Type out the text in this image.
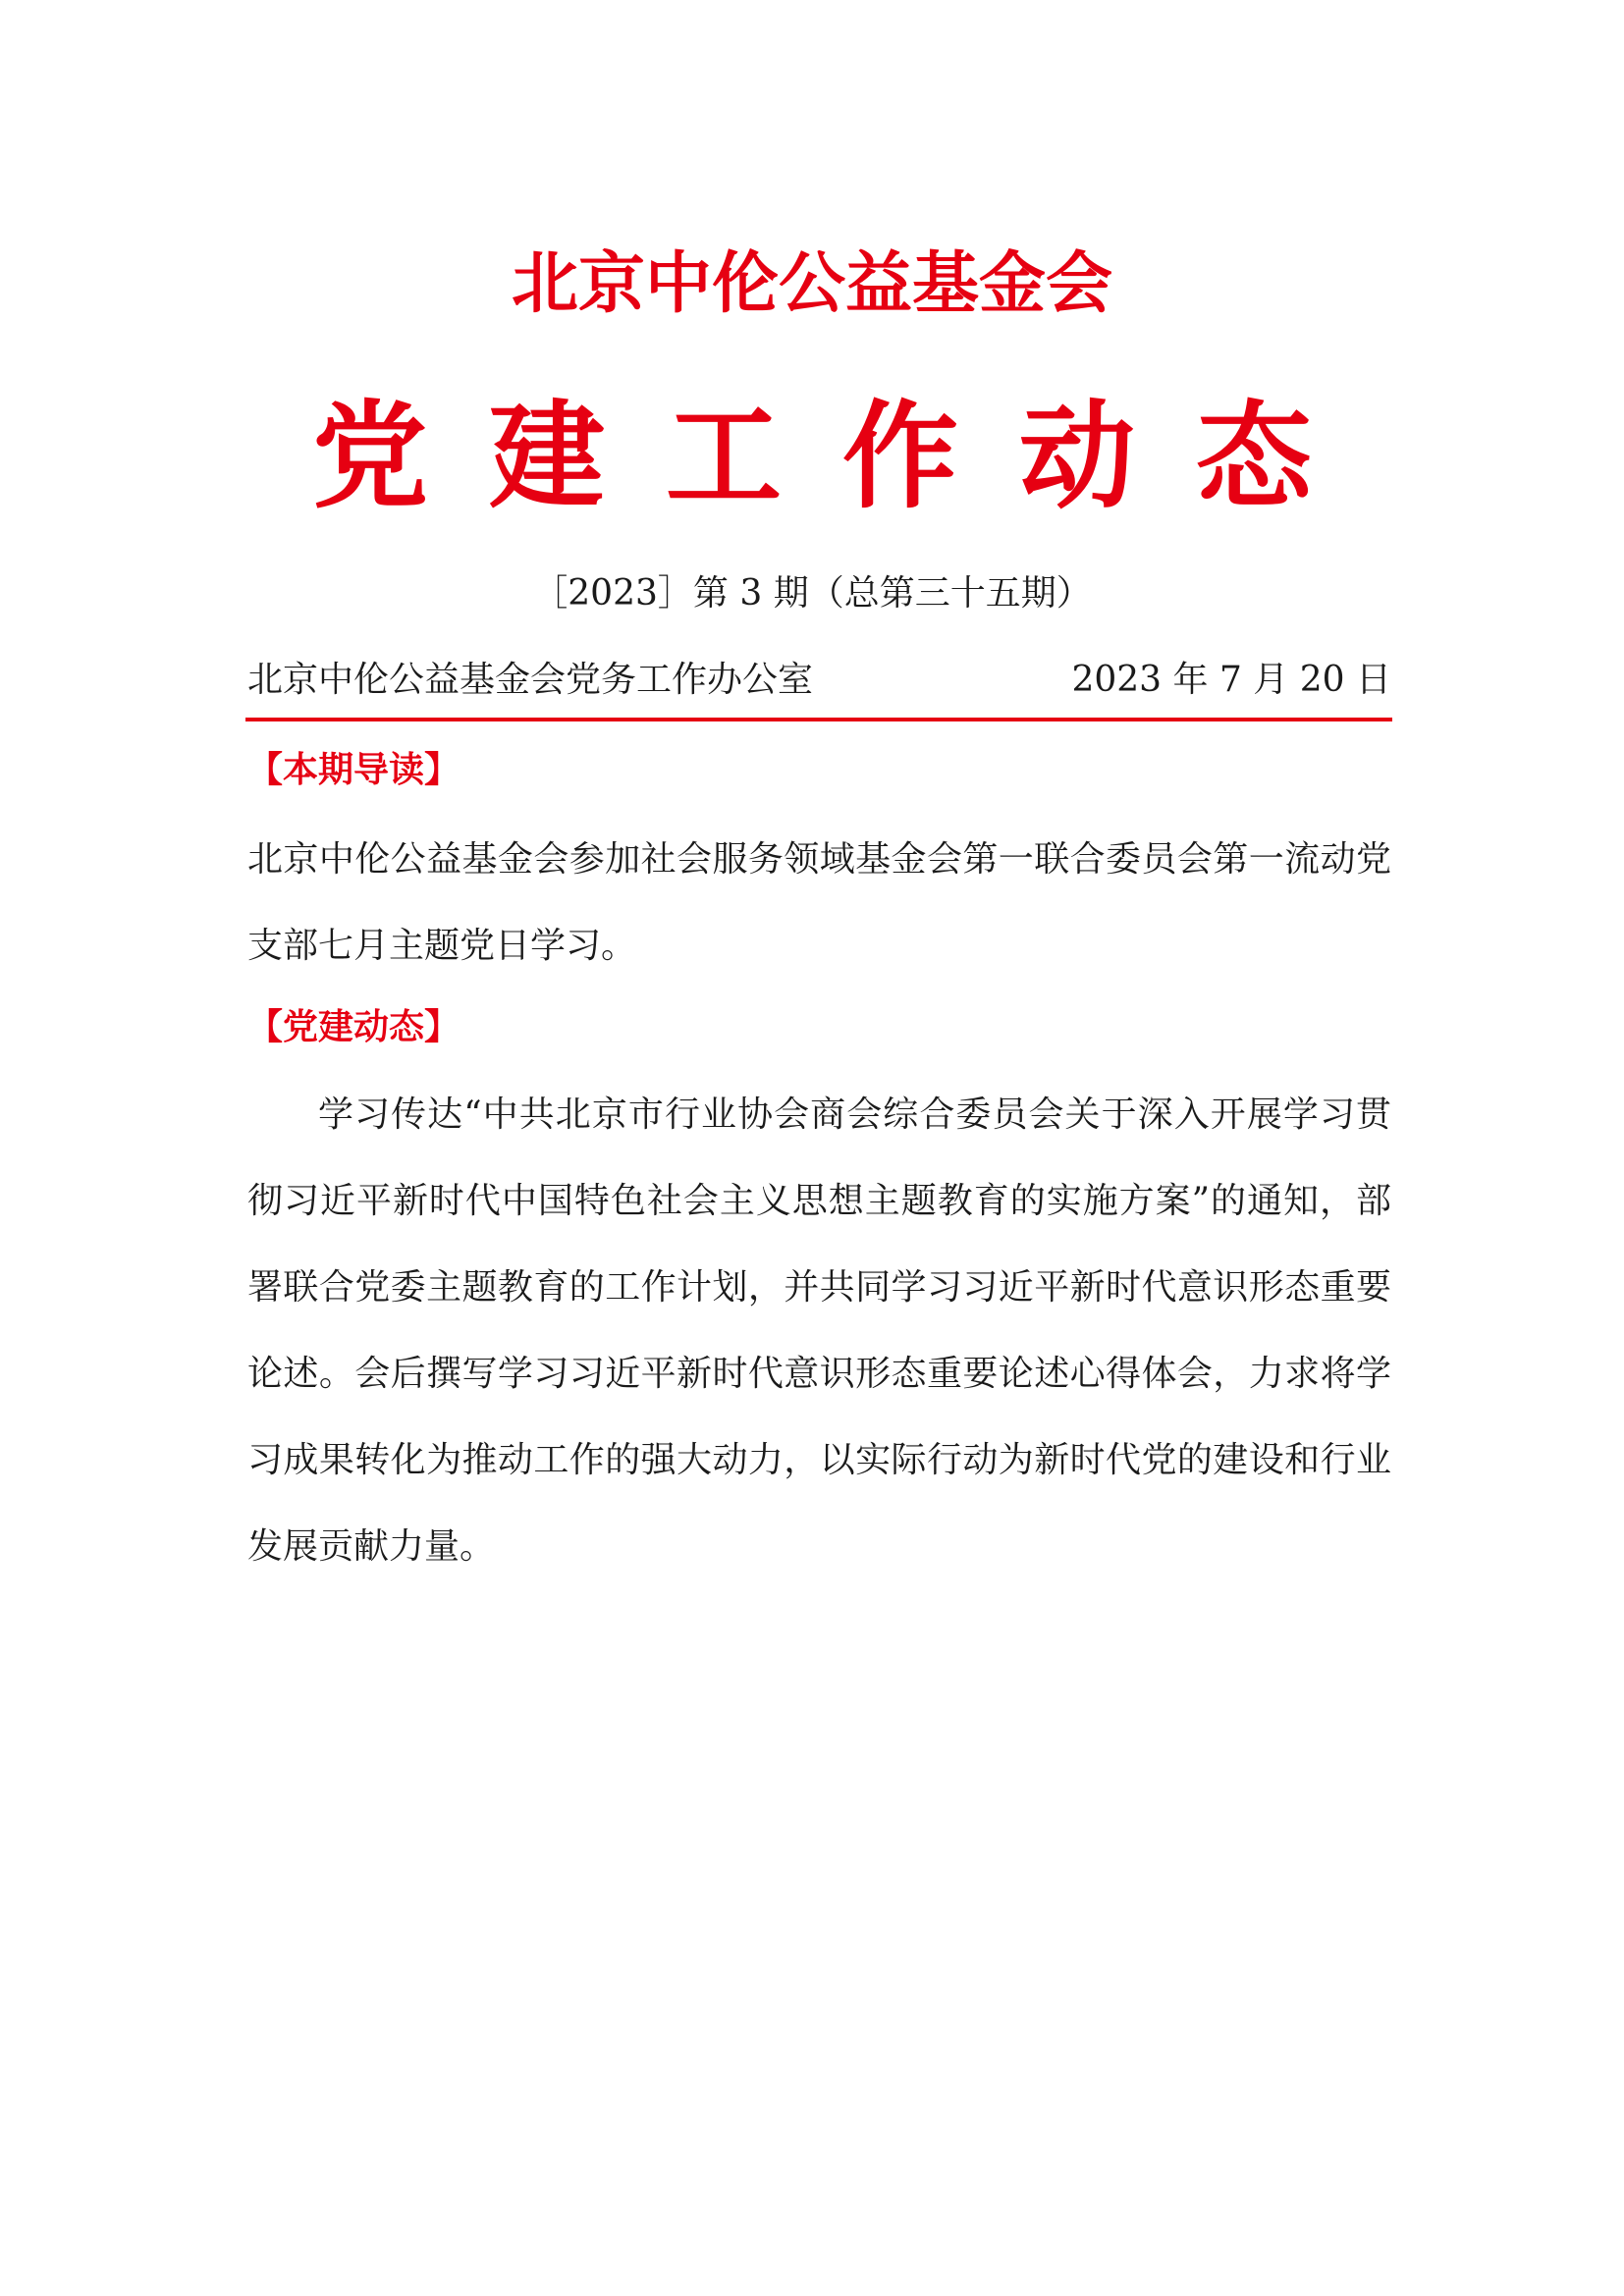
北京中伦公益基金会
党建工作动态
［2023］第 3 期（总第三十五期）
北京中伦公益基金会党务工作办公室	2023 年 7 月 20 日
【本期导读】
北京中伦公益基金会参加社会服务领域基金会第一联合委员会第一流动党支部七月主题党日学习。
【党建动态】
学习传达“中共北京市行业协会商会综合委员会关于深入开展学习贯彻习近平新时代中国特色社会主义思想主题教育的实施方案”的通知，部署联合党委主题教育的工作计划，并共同学习习近平新时代意识形态重要论述。会后撰写学习习近平新时代意识形态重要论述心得体会，力求将学习成果转化为推动工作的强大动力，以实际行动为新时代党的建设和行业发展贡献力量。
